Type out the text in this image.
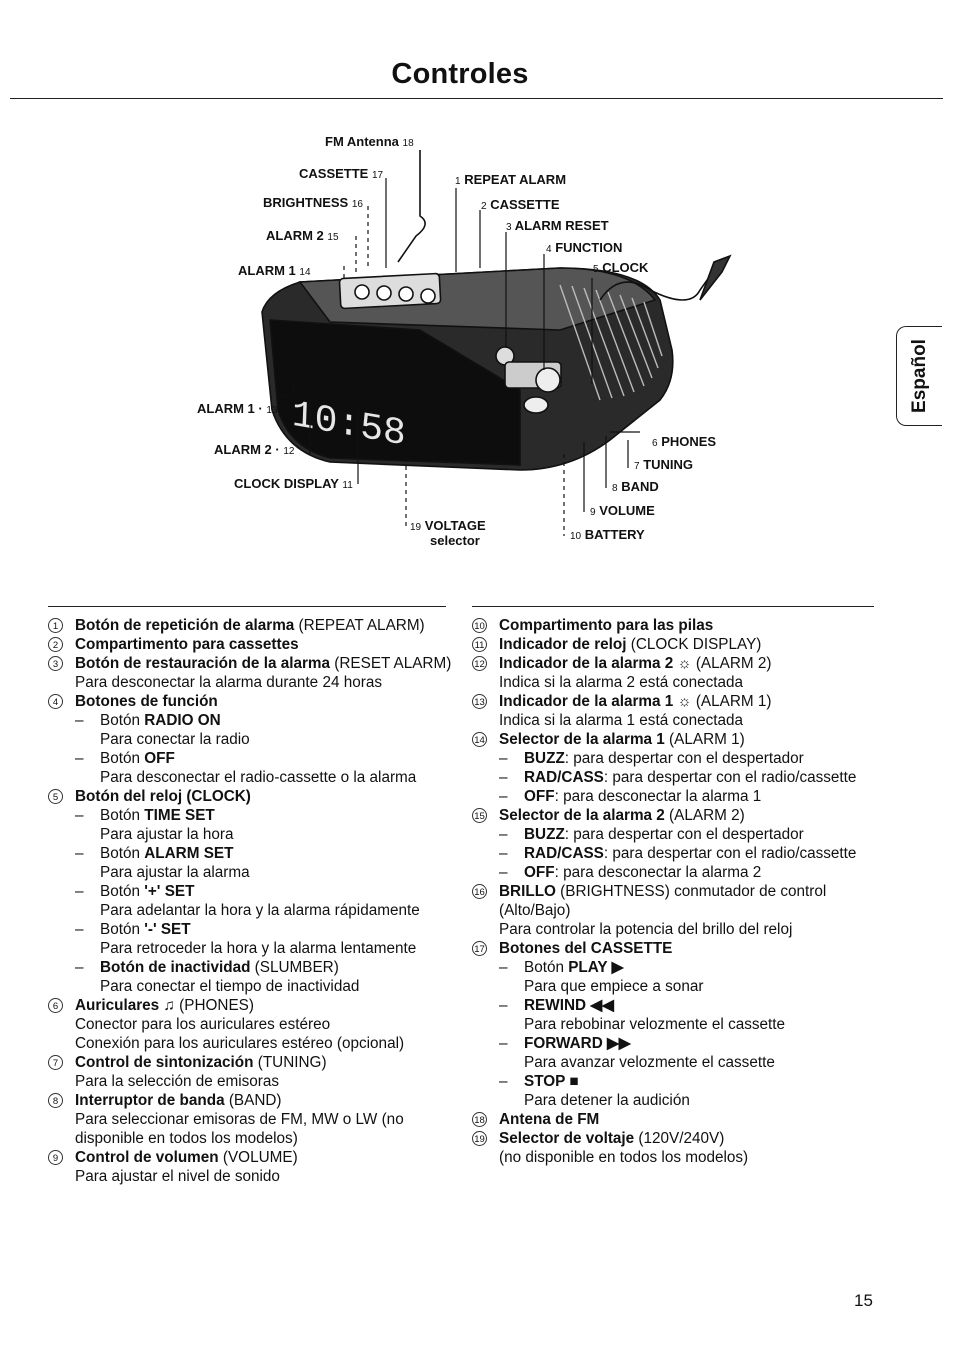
Controles
Español
10:58
FM Antenna 18
CASSETTE 17
BRIGHTNESS 16
ALARM 2 15
ALARM 1 14
1 REPEAT ALARM
2 CASSETTE
3 ALARM RESET
4 FUNCTION
5 CLOCK
ALARM 1 · 13
ALARM 2 · 12
CLOCK DISPLAY 11
19 VOLTAGE
selector
6 PHONES
7 TUNING
8 BAND
9 VOLUME
10 BATTERY
1	Botón de repetición de alarma (REPEAT ALARM)
2	Compartimento para cassettes
3	Botón de restauración de la alarma (RESET ALARM) Para desconectar la alarma durante 24 horas
4	Botones de función
– Botón RADIO ON
Para conectar la radio
– Botón OFF
Para desconectar el radio-cassette o la alarma
5	Botón del reloj (CLOCK)
– Botón TIME SET
Para ajustar la hora
– Botón ALARM SET
Para ajustar la alarma
– Botón '+' SET
Para adelantar la hora y la alarma rápidamente
– Botón '-' SET
Para retroceder la hora y la alarma lentamente
– Botón de inactividad (SLUMBER)
Para conectar el tiempo de inactividad
6	Auriculares ♫ (PHONES)
Conector para los auriculares estéreo
Conexión para los auriculares estéreo (opcional)
7	Control de sintonización (TUNING)
Para la selección de emisoras
8	Interruptor de banda (BAND)
Para seleccionar emisoras de FM, MW o LW (no disponible en todos los modelos)
9	Control de volumen (VOLUME)
Para ajustar el nivel de sonido
10 Compartimento para las pilas
11 Indicador de reloj (CLOCK DISPLAY)
12 Indicador de la alarma 2 ☼ (ALARM 2)
Indica si la alarma 2 está conectada
13 Indicador de la alarma 1 ☼ (ALARM 1)
Indica si la alarma 1 está conectada
14 Selector de la alarma 1 (ALARM 1)
– BUZZ: para despertar con el despertador
– RAD/CASS: para despertar con el radio/cassette
– OFF: para desconectar la alarma 1
15 Selector de la alarma 2 (ALARM 2)
– BUZZ: para despertar con el despertador
– RAD/CASS: para despertar con el radio/cassette
– OFF: para desconectar la alarma 2
16 BRILLO (BRIGHTNESS) conmutador de control (Alto/Bajo)
Para controlar la potencia del brillo del reloj
17 Botones del CASSETTE
– Botón PLAY ▶
Para que empiece a sonar
– REWIND ◀◀
Para rebobinar velozmente el cassette
– FORWARD ▶▶
Para avanzar velozmente el cassette
– STOP ■
Para detener la audición
18 Antena de FM
19 Selector de voltaje (120V/240V)
(no disponible en todos los modelos)
15
